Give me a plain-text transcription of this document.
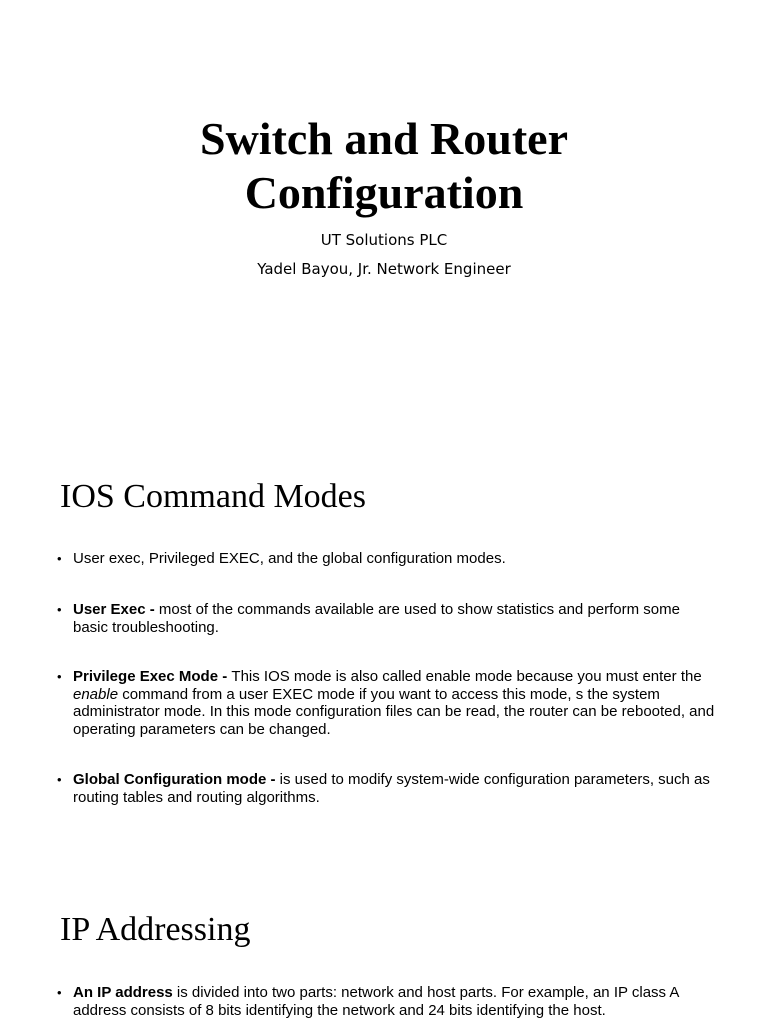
Switch and Router
Configuration
UT Solutions PLC
Yadel Bayou, Jr. Network Engineer
IOS Command Modes
• User exec, Privileged EXEC, and the global configuration modes.
• User Exec - most of the commands available are used to show statistics and perform some basic troubleshooting.
• Privilege Exec Mode - This IOS mode is also called enable mode because you must enter the enable command from a user EXEC mode if you want to access this mode, s the system administrator mode. In this mode configuration files can be read, the router can be rebooted, and operating parameters can be changed.
• Global Configuration mode - is used to modify system-wide configuration parameters, such as routing tables and routing algorithms.
IP Addressing
• An IP address is divided into two parts: network and host parts. For example, an IP class A address consists of 8 bits identifying the network and 24 bits identifying the host.
